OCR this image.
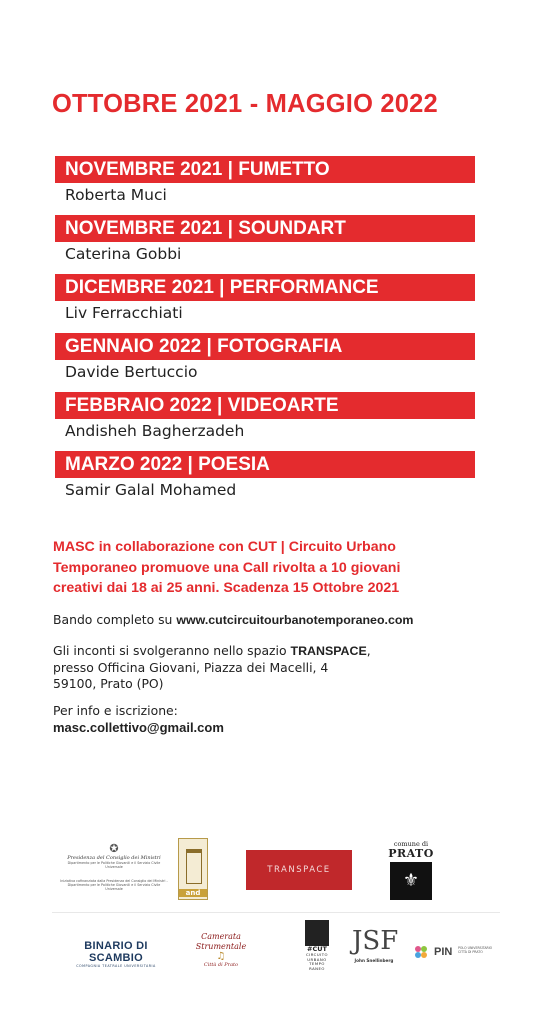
OTTOBRE 2021 - MAGGIO 2022
NOVEMBRE 2021 | FUMETTO
Roberta Muci
NOVEMBRE 2021 | SOUNDART
Caterina Gobbi
DICEMBRE 2021 | PERFORMANCE
Liv Ferracchiati
GENNAIO 2022 | FOTOGRAFIA
Davide Bertuccio
FEBBRAIO 2022 | VIDEOARTE
Andisheh Bagherzadeh
MARZO 2022 | POESIA
Samir Galal Mohamed
MASC in collaborazione con CUT | Circuito Urbano
Temporaneo promuove una Call rivolta a 10 giovani
creativi dai 18 ai 25 anni. Scadenza 15 Ottobre 2021
Bando completo su www.cutcircuitourbanotemporaneo.com
Gli inconti si svolgeranno nello spazio TRANSPACE,
presso Officina Giovani, Piazza dei Macelli, 4
59100, Prato (PO)
Per info e iscrizione:
masc.collettivo@gmail.com
✪
Presidenza del Consiglio dei Ministri
Dipartimento per le Politiche Giovanili e il Servizio Civile Universale
Iniziativa cofinanziata dalla Presidenza del Consiglio dei Ministri - Dipartimento per le Politiche Giovanili e il Servizio Civile Universale	and
TRANSPACE
comune di
PRATO
⚜
BINARIO DI SCAMBIO
COMPAGNIA TEATRALE UNIVERSITARIA
Camerata Strumentale
♫
Città di Prato
#CUT
CIRCUITO URBANO TEMPO RANEO
JSF
John Snellinberg
PIN POLO UNIVERSITARIO CITTÀ DI PRATO
